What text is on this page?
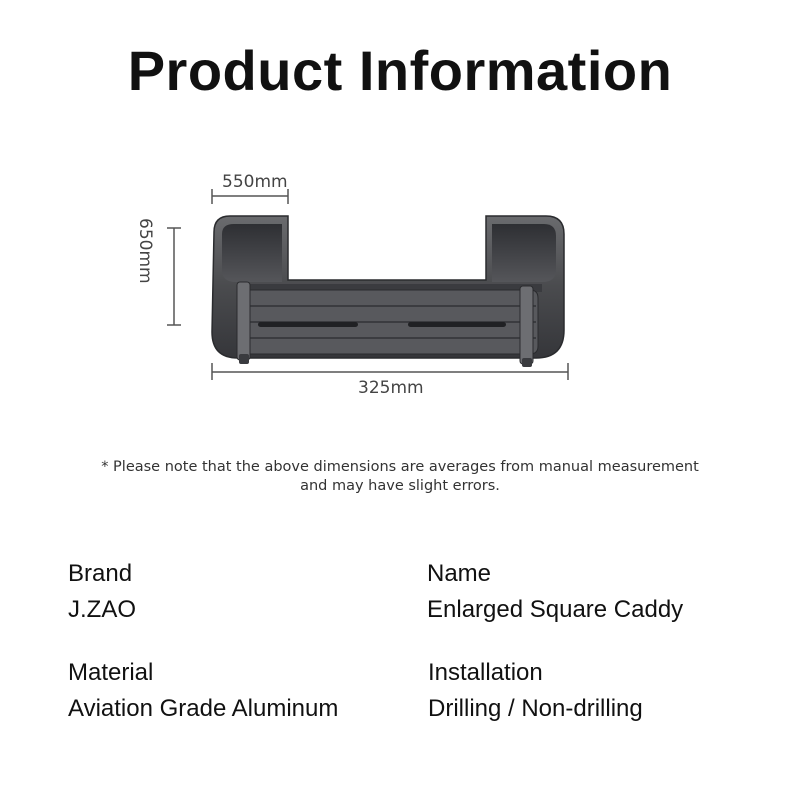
Product Information
550mm
650mm
325mm
* Please note that the above dimensions are averages from manual measurement and may have slight errors.
Brand
J.ZAO
Name
Enlarged Square Caddy
Material
Aviation Grade Aluminum
Installation
Drilling / Non-drilling
